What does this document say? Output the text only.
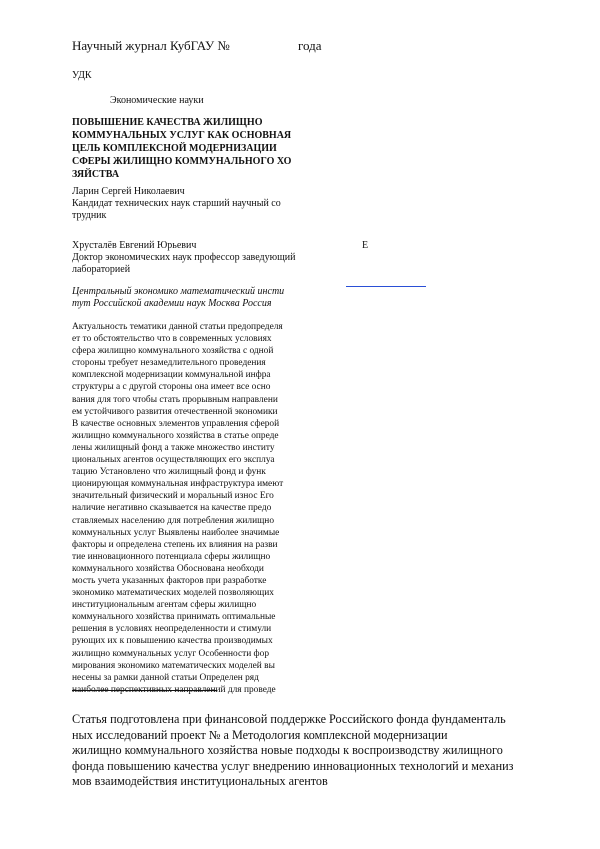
Научный журнал КубГАУ №	года
УДК
Экономические науки
ПОВЫШЕНИЕ КАЧЕСТВА ЖИЛИЩНО
КОММУНАЛЬНЫХ УСЛУГ КАК ОСНОВНАЯ
ЦЕЛЬ КОМПЛЕКСНОЙ МОДЕРНИЗАЦИИ
СФЕРЫ ЖИЛИЩНО КОММУНАЛЬНОГО ХО
ЗЯЙСТВА
Ларин Сергей Николаевич
Кандидат технических наук старший научный со
трудник
Хрусталёв Евгений Юрьевич
Доктор экономических наук профессор заведующий
лабораторией
E
Центральный экономико математический инсти
тут Российской академии наук Москва Россия
Актуальность тематики данной статьи предопределя
ет то обстоятельство что в современных условиях
сфера жилищно коммунального хозяйства с одной
стороны требует незамедлительного проведения
комплексной модернизации коммунальной инфра
структуры а с другой стороны она имеет все осно
вания для того чтобы стать прорывным направлени
ем устойчивого развития отечественной экономики
В качестве основных элементов управления сферой
жилищно коммунального хозяйства в статье опреде
лены жилищный фонд а также множество институ
циональных агентов осуществляющих его эксплуа
тацию Установлено что жилищный фонд и функ
ционирующая коммунальная инфраструктура имеют
значительный физический и моральный износ Его
наличие негативно сказывается на качестве предо
ставляемых населению для потребления жилищно
коммунальных услуг Выявлены наиболее значимые
факторы и определена степень их влияния на разви
тие инновационного потенциала сферы жилищно
коммунального хозяйства Обоснована необходи
мость учета указанных факторов при разработке
экономико математических моделей позволяющих
институциональным агентам сферы жилищно
коммунального хозяйства принимать оптимальные
решения в условиях неопределенности и стимули
рующих их к повышению качества производимых
жилищно коммунальных услуг Особенности фор
мирования экономико математических моделей вы
несены за рамки данной статьи Определен ряд
наиболее перспективных направлений для проведе
Статья подготовлена при финансовой поддержке Российского фонда фундаменталь
ных исследований проект № а Методология комплексной модернизации
жилищно коммунального хозяйства новые подходы к воспроизводству жилищного
фонда повышению качества услуг внедрению инновационных технологий и механиз
мов взаимодействия институциональных агентов
